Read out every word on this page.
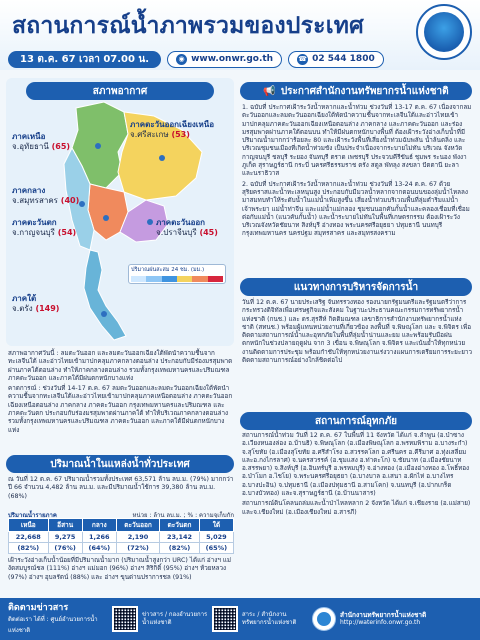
สถานการณ์น้ำภาพรวมของประเทศ
13 ต.ค. 67 เวลา 07.00 น.	◉ www.onwr.go.th	☎ 02 544 1800
สภาพอากาศ
ภาคเหนือ
จ.อุทัยธานี (65)
ภาคตะวันออกเฉียงเหนือ
จ.ศรีสะเกษ (53)
ภาคกลาง
จ.สมุทรสาคร (40)
ภาคตะวันตก
จ.กาญจนบุรี (54)
ภาคตะวันออก
จ.ปราจีนบุรี (45)
ภาคใต้
จ.ตรัง (149)
ปริมาณฝนสะสม 24 ชม. (มม.)

สภาพอากาศวันนี้ : ลมตะวันออก และลมตะวันออกเฉียงใต้พัดนำความชื้นจากทะเลจีนใต้ และอ่าวไทยเข้ามาปกคลุมภาคกลางตอนล่าง ประกอบกับมีร่องมรสุมพาดผ่านภาคใต้ตอนล่าง ทำให้ภาคกลางตอนล่าง รวมทั้งกรุงเทพมหานครและปริมณฑล ภาคตะวันออก และภาคใต้มีฝนตกหนักบางแห่ง

คาดการณ์ : ช่วงวันที่ 14-17 ต.ค. 67 ลมตะวันออกและลมตะวันออกเฉียงใต้พัดนำความชื้นจากทะเลจีนใต้และอ่าวไทยเข้ามาปกคลุมภาคเหนือตอนล่าง ภาคตะวันออกเฉียงเหนือตอนล่าง ภาคกลาง ภาคตะวันออก กรุงเทพมหานครและปริมณฑล และภาคตะวันตก ประกอบกับร่องมรสุมพาดผ่านภาคใต้ ทำให้บริเวณภาคกลางตอนล่าง รวมทั้งกรุงเทพมหานครและปริมณฑล ภาคตะวันออก และภาคใต้มีฝนตกหนักบางแห่ง

📢 ประกาศสำนักงานทรัพยากรน้ำแห่งชาติ

1. ฉบับที่ ประกาศเฝ้าระวังน้ำหลากและน้ำท่วม ช่วงวันที่ 13-17 ต.ค. 67 เนื่องจากลมตะวันออกและลมตะวันออกเฉียงใต้พัดนำความชื้นจากทะเลจีนใต้และอ่าวไทยเข้ามาปกคลุมภาคตะวันออกเฉียงเหนือตอนล่าง ภาคกลาง และภาคตะวันออก และร่องมรสุมพาดผ่านภาคใต้ตอนบน ทำให้มีฝนตกหนักบางพื้นที่ ต้องเฝ้าระวังอ่างเก็บน้ำที่มีปริมาณน้ำมากกว่าร้อยละ 80 และเฝ้าระวังพื้นที่เสี่ยงน้ำท่วมฉับพลัน น้ำล้นตลิ่ง และบริเวณชุมชนเมืองที่เกิดน้ำท่วมขัง เป็นประจำเนื่องจากระบายไม่ทัน บริเวณ จังหวัดกาญจนบุรี ชลบุรี ระยอง จันทบุรี ตราด เพชรบุรี ประจวบคีรีขันธ์ ชุมพร ระนอง พังงา ภูเก็ต สุราษฎร์ธานี กระบี่ นครศรีธรรมราช ตรัง สตูล พัทลุง สงขลา ปัตตานี ยะลา และนราธิวาส

2. ฉบับที่ ประกาศเฝ้าระวังน้ำหลากและน้ำท่วม ช่วงวันที่ 13-24 ต.ค. 67 ด้วยสุริยคราสและน้ำทะเลหนุนสูง ประกอบกับมีมวลน้ำหลากจากตอนบนของลุ่มน้ำไหลลงมาสมทบทำให้ระดับน้ำในแม่น้ำเพิ่มสูงขึ้น เสี่ยงน้ำท่วมบริเวณพื้นที่ลุ่มต่ำริมแม่น้ำเจ้าพระยา แม่น้ำท่าจีน และแม่น้ำแม่กลอง ชุมชนนอกคันกั้นน้ำและคลองเชื่อมที่เชื่อมต่อกับแม่น้ำ (แนวคันกั้นน้ำ) และน้ำระบายไม่ทันในพื้นที่เกษตรกรรม ต้องเฝ้าระวังบริเวณจังหวัดชัยนาท สิงห์บุรี อ่างทอง พระนครศรีอยุธยา ปทุมธานี นนทบุรี กรุงเทพมหานคร นครปฐม สมุทรสาคร และสมุทรสงคราม

แนวทางการบริหารจัดการน้ำ
วันที่ 12 ต.ค. 67 นายประเสริฐ จันทรรวงทอง รองนายกรัฐมนตรีและรัฐมนตรีว่าการกระทรวงดิจิทัลเพื่อเศรษฐกิจและสังคม ในฐานะประธานคณะกรรมการทรัพยากรน้ำแห่งชาติ (กนช.) และ ดร.สุรสีห์ กิตติมณฑล เลขาธิการสำนักงานทรัพยากรน้ำแห่งชาติ (สทนช.) พร้อมผู้แทนหน่วยงานที่เกี่ยวข้อง ลงพื้นที่ จ.พิษณุโลก และ จ.พิจิตร เพื่อติดตามสถานการณ์น้ำและอุทกภัยในพื้นที่ลุ่มน้ำน่านและยม และพร้อมรับมือฝนตกหนักในช่วงปลายฤดูฝน จาก 3 เขื่อน จ.พิษณุโลก จ.พิจิตร และเน้นย้ำให้ทุกหน่วยงานติดตามการประชุม พร้อมกำชับให้ทุกหน่วยงานเร่งวางแผนการเตรียมการระยะยาว ติดตามสถานการณ์อย่างใกล้ชิดต่อไป
สถานการณ์อุทกภัย

สถานการณ์น้ำท่วม วันที่ 12 ต.ค. 67 ในพื้นที่ 11 จังหวัด ได้แก่ จ.ลำพูน (อ.ป่าซาง อ.เวียงหนองล่อง อ.บ้านธิ) จ.พิษณุโลก (อ.เมืองพิษณุโลก อ.พรหมพิราม อ.บางระกำ) จ.สุโขทัย (อ.เมืองสุโขทัย อ.ศรีสำโรง อ.สวรรคโลก อ.ศรีนคร อ.คีรีมาศ อ.ทุ่งเสลี่ยม และอ.กงไกรลาศ) จ.นครสวรรค์ (อ.ชุมแสง อ.ท่าตะโก) จ.ชัยนาท (อ.เมืองชัยนาท อ.สรรพยา) จ.สิงห์บุรี (อ.อินทร์บุรี อ.พรหมบุรี) จ.อ่างทอง (อ.เมืองอ่างทอง อ.โพธิ์ทอง อ.ป่าโมก อ.ไชโย) จ.พระนครศรีอยุธยา (อ.บางบาล อ.เสนา อ.ผักไห่ อ.บางไทร อ.บางปะอิน) จ.ปทุมธานี (อ.เมืองปทุมธานี อ.สามโคก) จ.นนทบุรี (อ.ปากเกร็ด อ.บางบัวทอง) และจ.สุราษฎร์ธานี (อ.บ้านนาสาร)

สถานการณ์ดินโคลนถล่มและน้ำป่าไหลหลาก 2 จังหวัด ได้แก่ จ.เชียงราย (อ.แม่สาย) และจ.เชียงใหม่ (อ.เมืองเชียงใหม่ อ.สารภี)

ปริมาณน้ำในแหล่งน้ำทั่วประเทศ
ณ วันที่ 12 ต.ค. 67 ปริมาณน้ำรวมทั้งประเทศ 63,571 ล้าน ลบ.ม. (79%) มากกว่า ปี 66 จำนวน 4,482 ล้าน ลบ.ม. และมีปริมาณน้ำใช้การ 39,380 ล้าน ลบ.ม. (68%)
ปริมาณน้ำรายภาค	หน่วย : ล้าน ลบ.ม. ; % : ความจุเก็บกัก
เหนือ	อีสาน	กลาง	ตะวันออก	ตะวันตก	ใต้
22,668	9,275	1,266	2,190	23,142	5,029
(82%)	(76%)	(64%)	(72%)	(82%)	(65%)
เฝ้าระวังอ่างเก็บน้ำน้อยที่มีปริมาณน้ำมาก (ปริมาณน้ำสูงกว่า URC) ได้แก่ อ่างฯ แม่งัดสมบูรณ์ชล (111%) อ่างฯ แม่มอก (96%) อ่างฯ สิริกิติ์ (95%) อ่างฯ ห้วยหลวง (97%) อ่างฯ อุบลรัตน์ (88%) และ อ่างฯ ขุนด่านปราการชล (91%)
ติดตามข่าวสาร
ติดต่อเรา ได้ที่ : ศูนย์อำนวยการน้ำแห่งชาติ
ข่าวสาร / กองอำนวยการน้ำแห่งชาติ
สาระ / สำนักงานทรัพยากรน้ำแห่งชาติ
สำนักงานทรัพยากรน้ำแห่งชาติ
http://waterinfo.onwr.go.th
